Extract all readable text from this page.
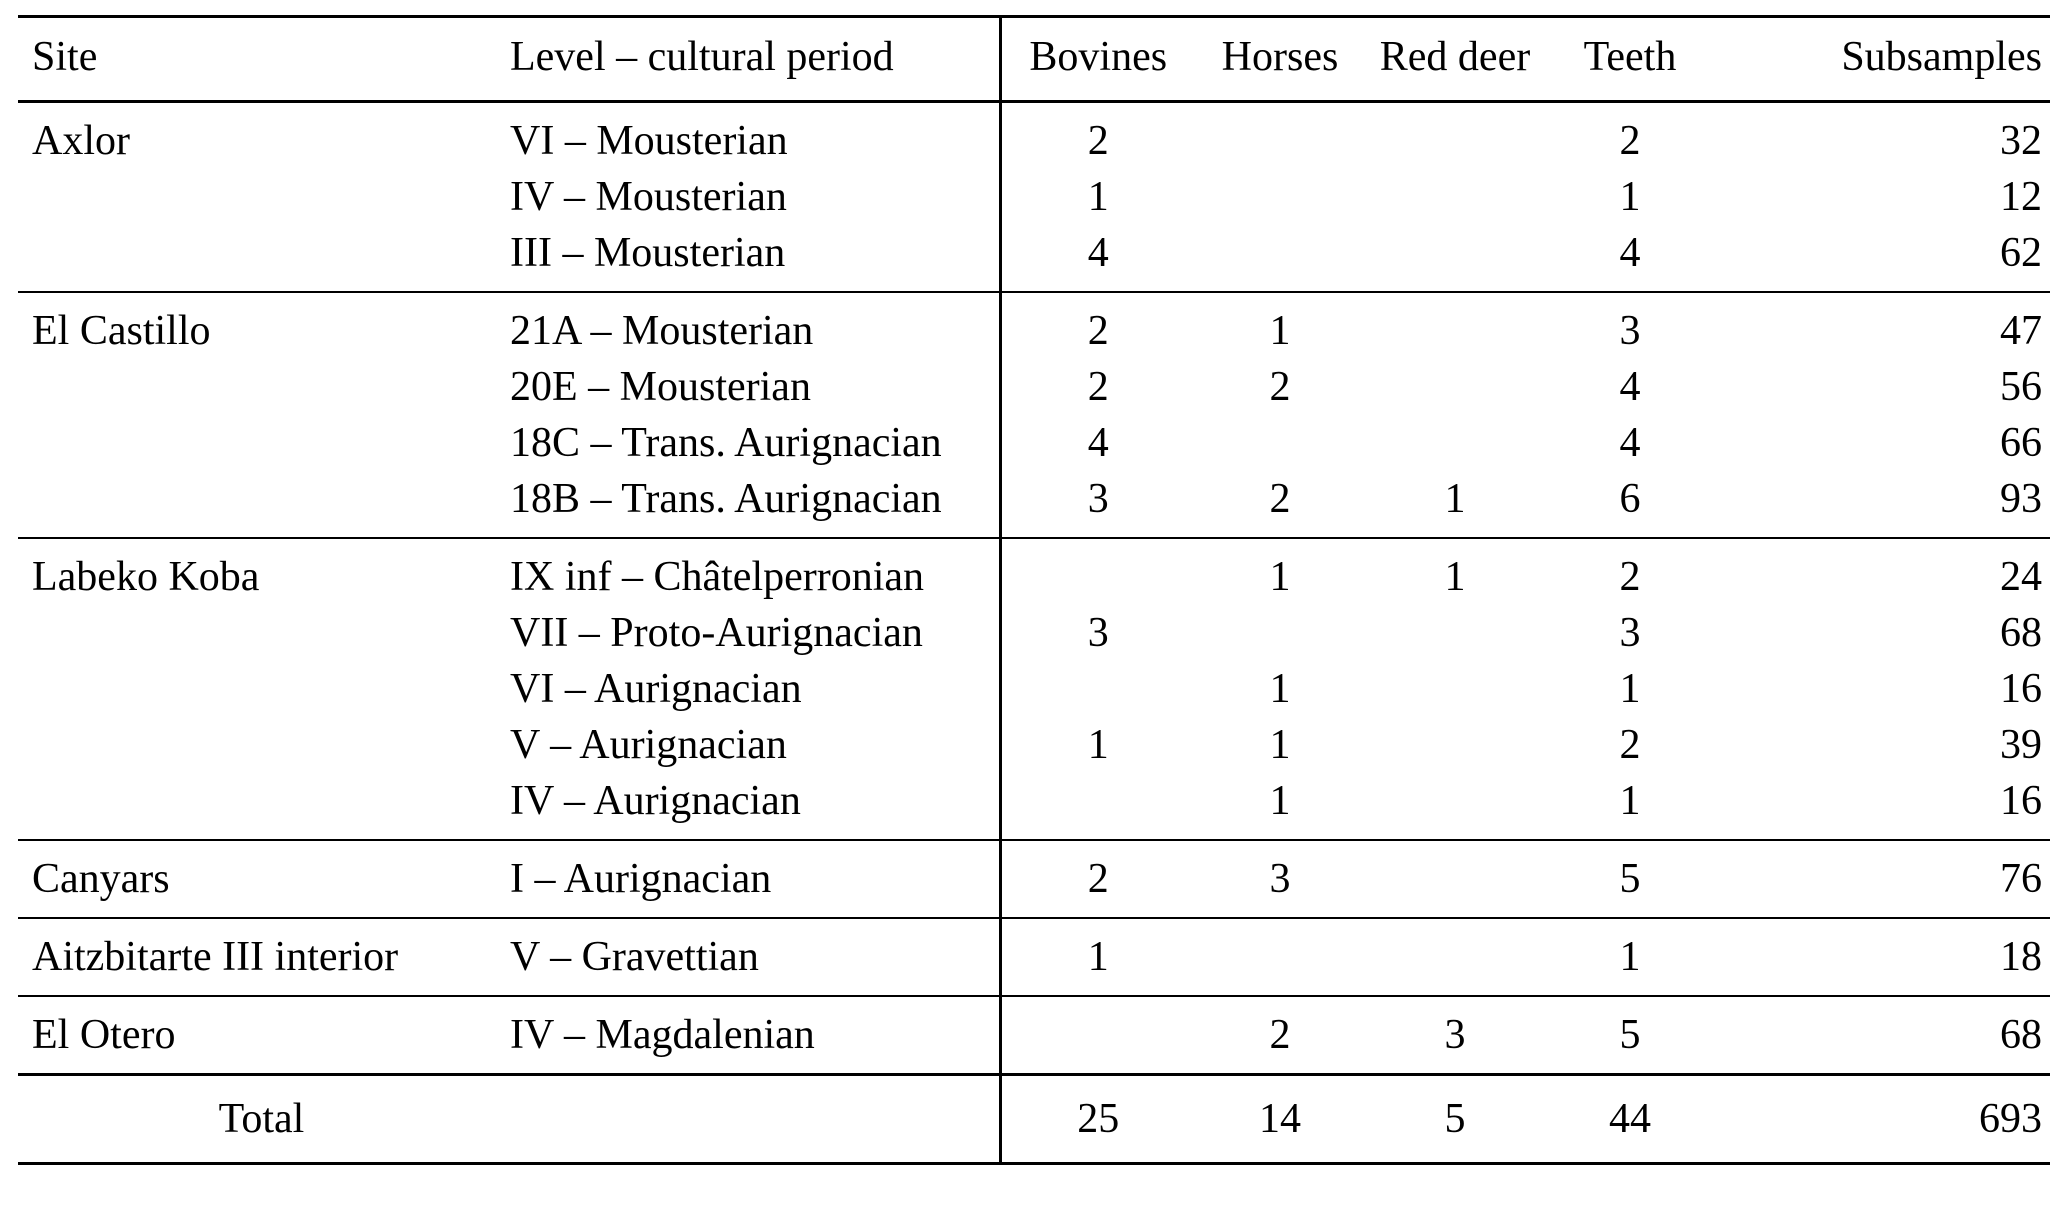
Site	Level – cultural period	Bovines	Horses	Red deer	Teeth	Subsamples
Axlor	VI – Mousterian	2			2	32
	IV – Mousterian	1			1	12
	III – Mousterian	4			4	62
El Castillo	21A – Mousterian	2	1		3	47
	20E – Mousterian	2	2		4	56
	18C – Trans. Aurignacian	4			4	66
	18B – Trans. Aurignacian	3	2	1	6	93
Labeko Koba	IX inf – Châtelperronian		1	1	2	24
	VII – Proto-Aurignacian	3			3	68
	VI – Aurignacian		1		1	16
	V – Aurignacian	1	1		2	39
	IV – Aurignacian		1		1	16
Canyars	I – Aurignacian	2	3		5	76
Aitzbitarte III interior	V – Gravettian	1			1	18
El Otero	IV – Magdalenian		2	3	5	68
Total		25	14	5	44	693
